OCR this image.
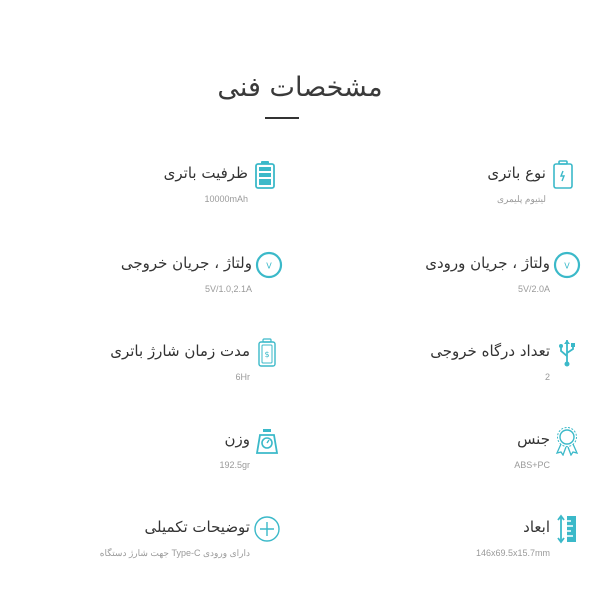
مشخصات فنی
نوع باتری
لیتیوم پلیمری
V
ولتاژ ، جریان ورودی
5V/2.0A
تعداد درگاه خروجی
2
جنس
ABS+PC
ابعاد
146x69.5x15.7mm
ظرفیت باتری
10000mAh
V
ولتاژ ، جریان خروجی
5V/1.0,2.1A
$
مدت زمان شارژ باتری
6Hr
وزن
192.5gr
توضیحات تکمیلی
دارای ورودی Type-C جهت شارژ دستگاه
